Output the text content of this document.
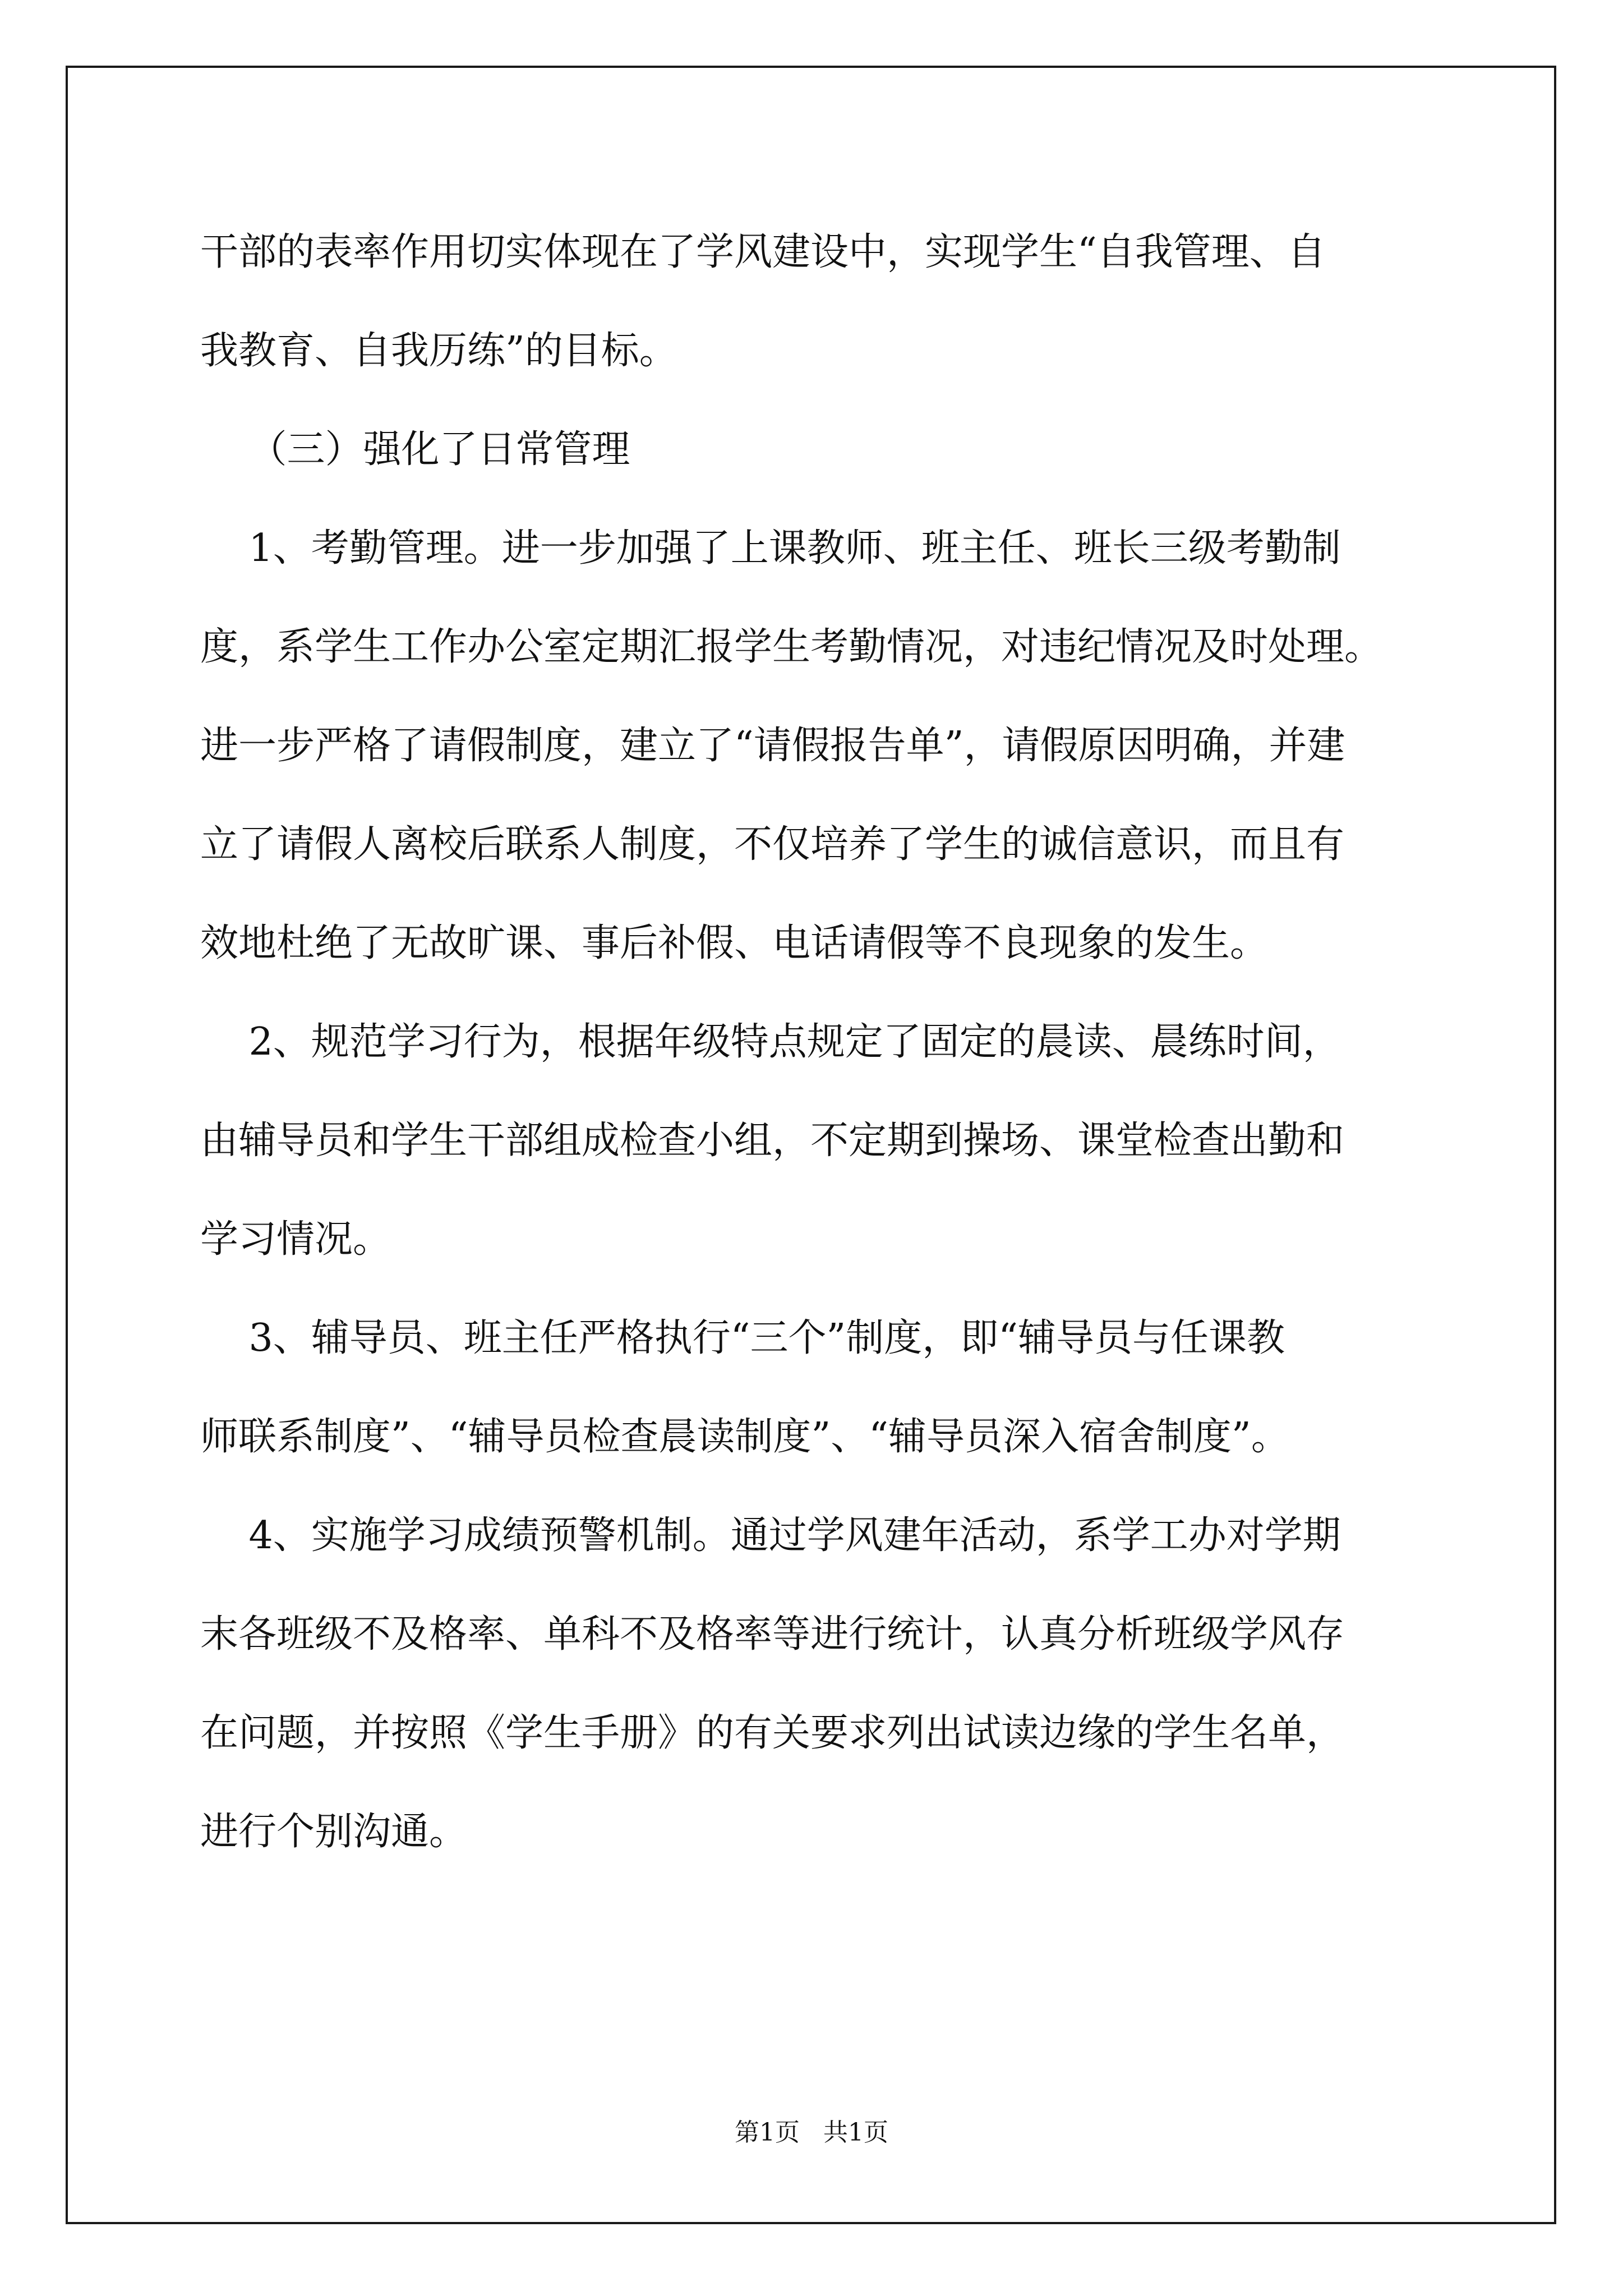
干部的表率作用切实体现在了学风建设中，实现学生“自我管理、自
我教育、自我历练”的目标。
（三）强化了日常管理
1、考勤管理。进一步加强了上课教师、班主任、班长三级考勤制
度，系学生工作办公室定期汇报学生考勤情况，对违纪情况及时处理。
进一步严格了请假制度，建立了“请假报告单”，请假原因明确，并建
立了请假人离校后联系人制度，不仅培养了学生的诚信意识，而且有
效地杜绝了无故旷课、事后补假、电话请假等不良现象的发生。
2、规范学习行为，根据年级特点规定了固定的晨读、晨练时间，
由辅导员和学生干部组成检查小组，不定期到操场、课堂检查出勤和
学习情况。
3、辅导员、班主任严格执行“三个”制度，即“辅导员与任课教
师联系制度”、“辅导员检查晨读制度”、“辅导员深入宿舍制度”。
4、实施学习成绩预警机制。通过学风建年活动，系学工办对学期
末各班级不及格率、单科不及格率等进行统计，认真分析班级学风存
在问题，并按照《学生手册》的有关要求列出试读边缘的学生名单，
进行个别沟通。
第1页   共1页
